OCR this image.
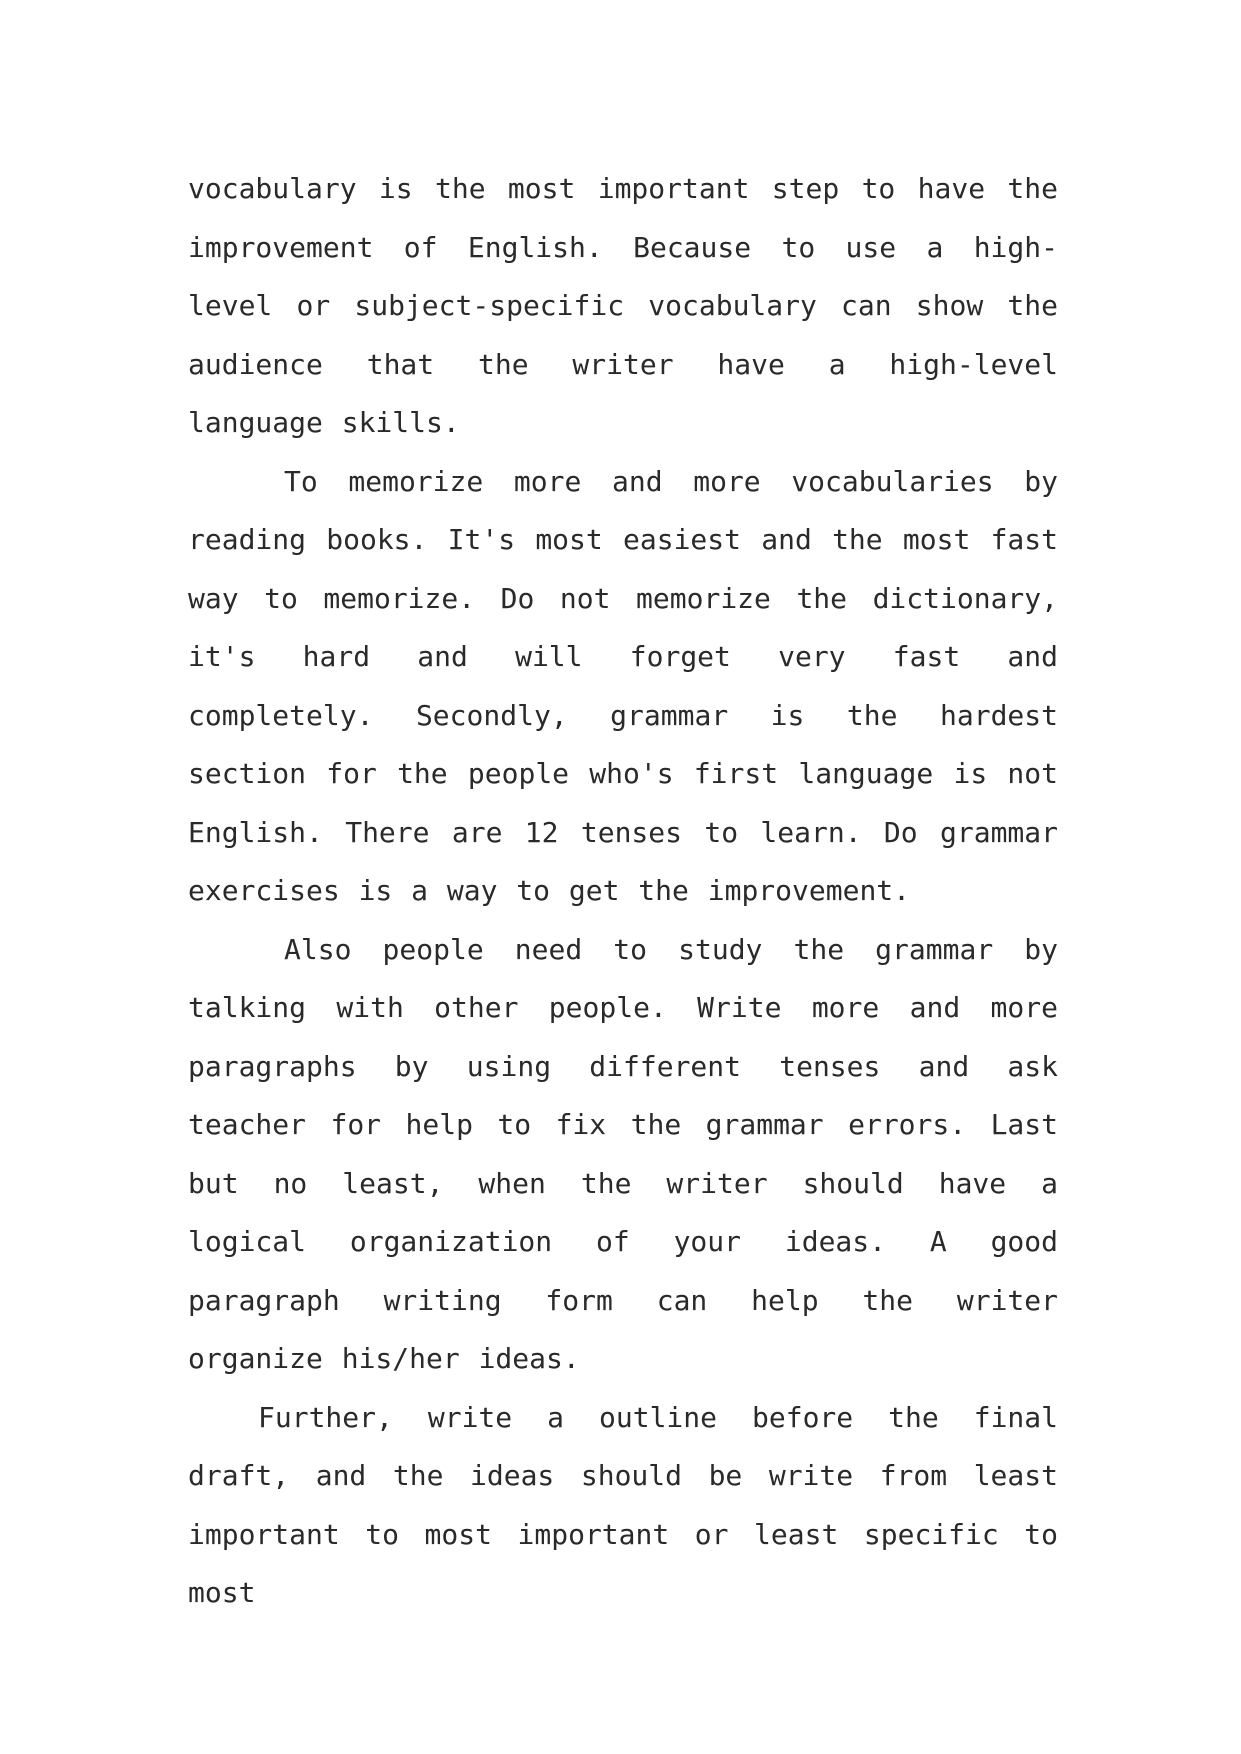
vocabulary is the most important step to have the improvement of English. Because to use a high-level or subject-specific vocabulary can show the audience that the writer have a high-level language skills.

To memorize more and more vocabularies by reading books. It's most easiest and the most fast way to memorize. Do not memorize the dictionary, it's hard and will forget very fast and completely. Secondly, grammar is the hardest section for the people who's first language is not English. There are 12 tenses to learn. Do grammar exercises is a way to get the improvement.

Also people need to study the grammar by talking with other people. Write more and more paragraphs by using different tenses and ask teacher for help to fix the grammar errors. Last but no least, when the writer should have a logical organization of your ideas. A good paragraph writing form can help the writer organize his/her ideas.

Further, write a outline before the final draft, and the ideas should be write from least important to most important or least specific to most
